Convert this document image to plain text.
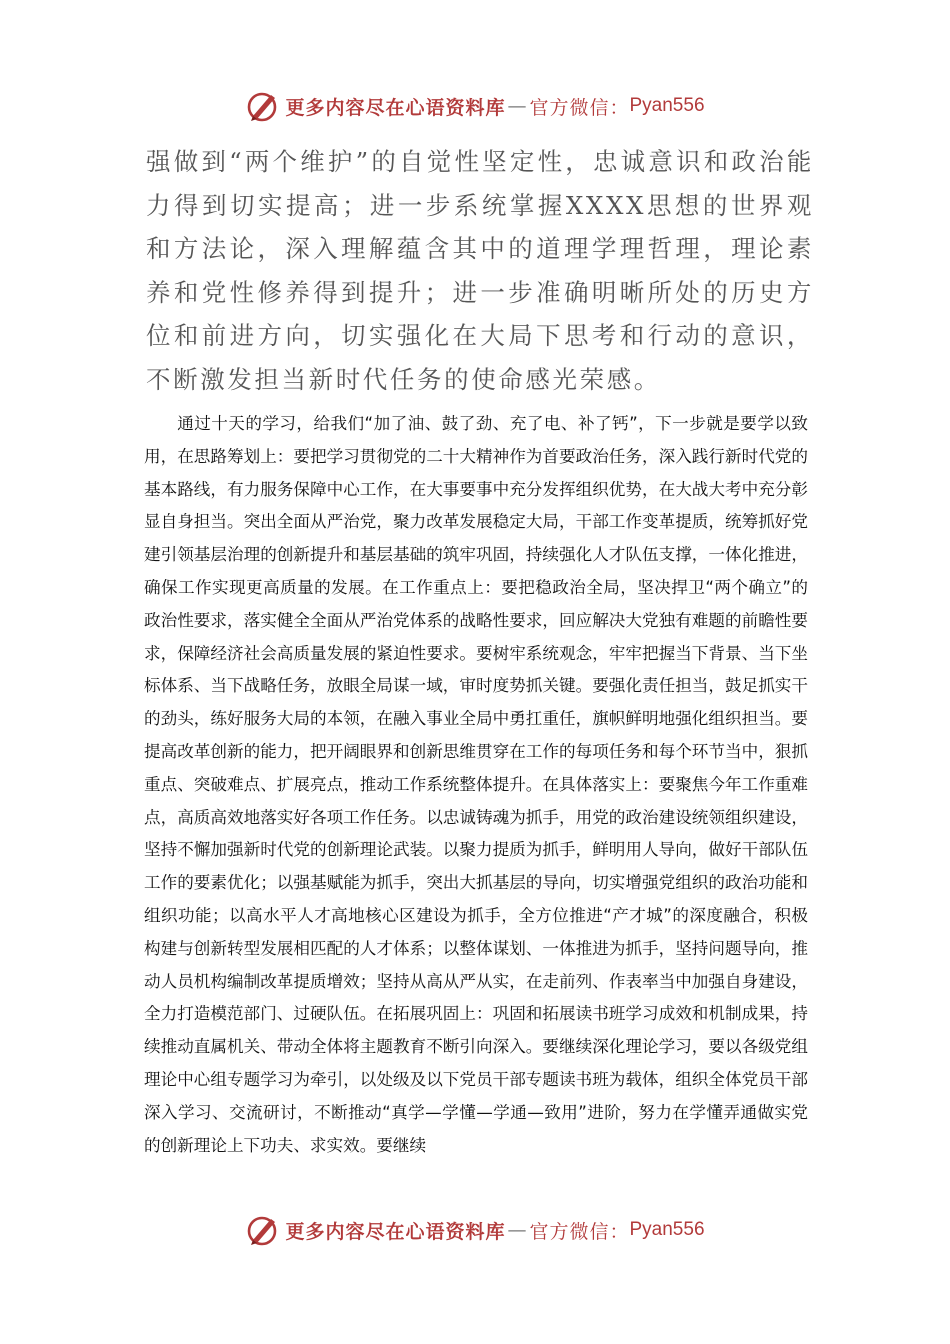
更多内容尽在心语资料库 — 官方微信： Pyan556

强做到“两个维护”的自觉性坚定性，忠诚意识和政治能力得到切实提高；进一步系统掌握XXXX思想的世界观和方法论，深入理解蕴含其中的道理学理哲理，理论素养和党性修养得到提升；进一步准确明晰所处的历史方位和前进方向，切实强化在大局下思考和行动的意识，不断激发担当新时代任务的使命感光荣感。

通过十天的学习，给我们“加了油、鼓了劲、充了电、补了钙”，下一步就是要学以致用，在思路筹划上：要把学习贯彻党的二十大精神作为首要政治任务，深入践行新时代党的基本路线，有力服务保障中心工作，在大事要事中充分发挥组织优势，在大战大考中充分彰显自身担当。突出全面从严治党，聚力改革发展稳定大局，干部工作变革提质，统筹抓好党建引领基层治理的创新提升和基层基础的筑牢巩固，持续强化人才队伍支撑，一体化推进，确保工作实现更高质量的发展。在工作重点上：要把稳政治全局，坚决捍卫“两个确立”的政治性要求，落实健全全面从严治党体系的战略性要求，回应解决大党独有难题的前瞻性要求，保障经济社会高质量发展的紧迫性要求。要树牢系统观念，牢牢把握当下背景、当下坐标体系、当下战略任务，放眼全局谋一域，审时度势抓关键。要强化责任担当，鼓足抓实干的劲头，练好服务大局的本领，在融入事业全局中勇扛重任，旗帜鲜明地强化组织担当。要提高改革创新的能力，把开阔眼界和创新思维贯穿在工作的每项任务和每个环节当中，狠抓重点、突破难点、扩展亮点，推动工作系统整体提升。在具体落实上：要聚焦今年工作重难点，高质高效地落实好各项工作任务。以忠诚铸魂为抓手，用党的政治建设统领组织建设，坚持不懈加强新时代党的创新理论武装。以聚力提质为抓手，鲜明用人导向，做好干部队伍工作的要素优化；以强基赋能为抓手，突出大抓基层的导向，切实增强党组织的政治功能和组织功能；以高水平人才高地核心区建设为抓手，全方位推进“产才城”的深度融合，积极构建与创新转型发展相匹配的人才体系；以整体谋划、一体推进为抓手，坚持问题导向，推动人员机构编制改革提质增效；坚持从高从严从实，在走前列、作表率当中加强自身建设，全力打造模范部门、过硬队伍。在拓展巩固上：巩固和拓展读书班学习成效和机制成果，持续推动直属机关、带动全体将主题教育不断引向深入。要继续深化理论学习，要以各级党组理论中心组专题学习为牵引，以处级及以下党员干部专题读书班为载体，组织全体党员干部深入学习、交流研讨，不断推动“真学—学懂—学通—致用”进阶，努力在学懂弄通做实党的创新理论上下功夫、求实效。要继续

更多内容尽在心语资料库 — 官方微信： Pyan556
